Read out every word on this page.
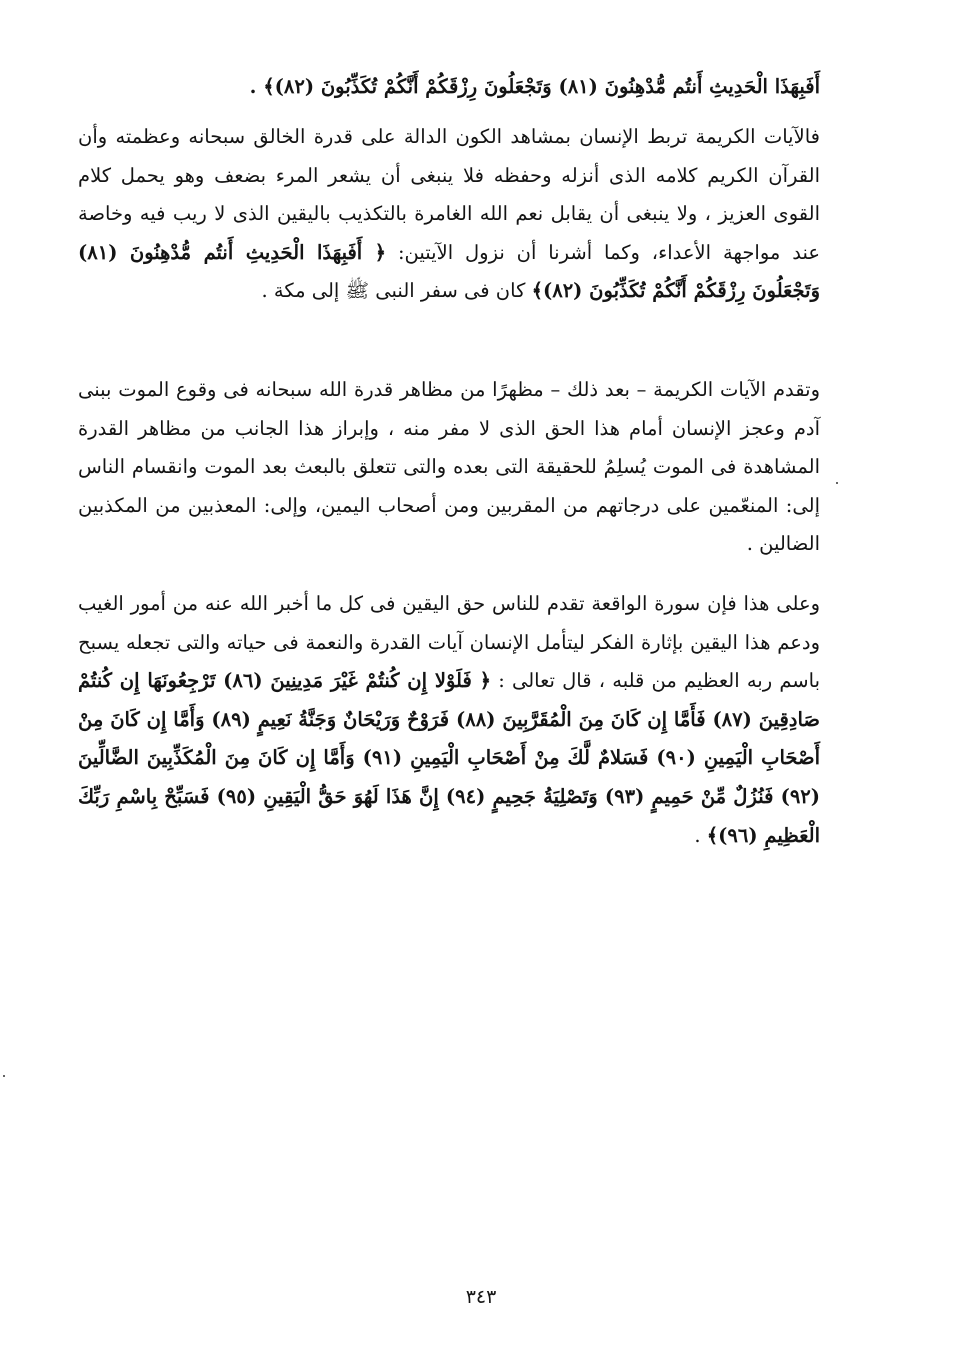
أَفَبِهَذَا الْحَدِيثِ أَنتُم مُّدْهِنُونَ (٨١) وَتَجْعَلُونَ رِزْقَكُمْ أَنَّكُمْ تُكَذِّبُونَ (٨٢)﴾ .

فالآيات الكريمة تربط الإنسان بمشاهد الكون الدالة على قدرة الخالق سبحانه وعظمته وأن القرآن الكريم كلامه الذى أنزله وحفظه فلا ينبغى أن يشعر المرء بضعف وهو يحمل كلام القوى العزيز ، ولا ينبغى أن يقابل نعم الله الغامرة بالتكذيب باليقين الذى لا ريب فيه وخاصة عند مواجهة الأعداء، وكما أشرنا أن نزول الآيتين: ﴿ أَفَبِهَذَا الْحَدِيثِ أَنتُم مُّدْهِنُونَ (٨١) وَتَجْعَلُونَ رِزْقَكُمْ أَنَّكُمْ تُكَذِّبُونَ (٨٢)﴾ كان فى سفر النبى ﷺ إلى مكة .

وتقدم الآيات الكريمة – بعد ذلك – مظهرًا من مظاهر قدرة الله سبحانه فى وقوع الموت ببنى آدم وعجز الإنسان أمام هذا الحق الذى لا مفر منه ، وإبراز هذا الجانب من مظاهر القدرة المشاهدة فى الموت يُسلِمُ للحقيقة التى بعده والتى تتعلق بالبعث بعد الموت وانقسام الناس إلى: المنعّمين على درجاتهم من المقربين ومن أصحاب اليمين، وإلى: المعذبين من المكذبين الضالين .

وعلى هذا فإن سورة الواقعة تقدم للناس حق اليقين فى كل ما أخبر الله عنه من أمور الغيب ودعم هذا اليقين بإثارة الفكر ليتأمل الإنسان آيات القدرة والنعمة فى حياته والتى تجعله يسبح باسم ربه العظيم من قلبه ، قال تعالى : ﴿ فَلَوْلا إِن كُنتُمْ غَيْرَ مَدِينِينَ (٨٦) تَرْجِعُونَهَا إِن كُنتُمْ صَادِقِينَ (٨٧) فَأَمَّا إِن كَانَ مِنَ الْمُقَرَّبِينَ (٨٨) فَرَوْحٌ وَرَيْحَانٌ وَجَنَّةُ نَعِيمٍ (٨٩) وَأَمَّا إِن كَانَ مِنْ أَصْحَابِ الْيَمِينِ (٩٠) فَسَلامٌ لَّكَ مِنْ أَصْحَابِ الْيَمِينِ (٩١) وَأَمَّا إِن كَانَ مِنَ الْمُكَذِّبِينَ الضَّالِّينَ (٩٢) فَنُزُلٌ مِّنْ حَمِيمٍ (٩٣) وَتَصْلِيَةُ جَحِيمٍ (٩٤) إِنَّ هَذَا لَهُوَ حَقُّ الْيَقِينِ (٩٥) فَسَبِّحْ بِاسْمِ رَبِّكَ الْعَظِيمِ (٩٦)﴾ .

٣٤٣
